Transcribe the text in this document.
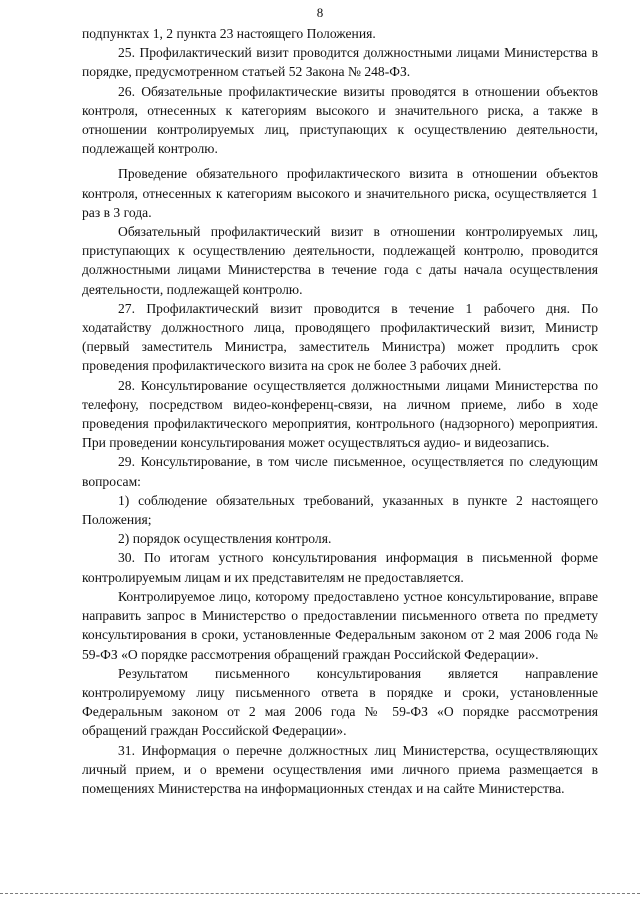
8

подпунктах 1, 2 пункта 23 настоящего Положения.

25. Профилактический визит проводится должностными лицами Министерства в порядке, предусмотренном статьей 52 Закона № 248-ФЗ.

26. Обязательные профилактические визиты проводятся в отношении объектов контроля, отнесенных к категориям высокого и значительного риска, а также в отношении контролируемых лиц, приступающих к осуществлению деятельности, подлежащей контролю.

Проведение обязательного профилактического визита в отношении объектов контроля, отнесенных к категориям высокого и значительного риска, осуществляется 1 раз в 3 года.

Обязательный профилактический визит в отношении контролируемых лиц, приступающих к осуществлению деятельности, подлежащей контролю, проводится должностными лицами Министерства в течение года с даты начала осуществления деятельности, подлежащей контролю.

27. Профилактический визит проводится в течение 1 рабочего дня. По ходатайству должностного лица, проводящего профилактический визит, Министр (первый заместитель Министра, заместитель Министра) может продлить срок проведения профилактического визита на срок не более 3 рабочих дней.

28. Консультирование осуществляется должностными лицами Министерства по телефону, посредством видео-конференц-связи, на личном приеме, либо в ходе проведения профилактического мероприятия, контрольного (надзорного) мероприятия. При проведении консультирования может осуществляться аудио- и видеозапись.

29. Консультирование, в том числе письменное, осуществляется по следующим вопросам:

1) соблюдение обязательных требований, указанных в пункте 2 настоящего Положения;

2) порядок осуществления контроля.

30. По итогам устного консультирования информация в письменной форме контролируемым лицам и их представителям не предоставляется.

Контролируемое лицо, которому предоставлено устное консультирование, вправе направить запрос в Министерство о предоставлении письменного ответа по предмету консультирования в сроки, установленные Федеральным законом от 2 мая 2006 года № 59-ФЗ «О порядке рассмотрения обращений граждан Российской Федерации».

Результатом письменного консультирования является направление контролируемому лицу письменного ответа в порядке и сроки, установленные Федеральным законом от 2 мая 2006 года № 59-ФЗ «О порядке рассмотрения обращений граждан Российской Федерации».

31. Информация о перечне должностных лиц Министерства, осуществляющих личный прием, и о времени осуществления ими личного приема размещается в помещениях Министерства на информационных стендах и на сайте Министерства.
